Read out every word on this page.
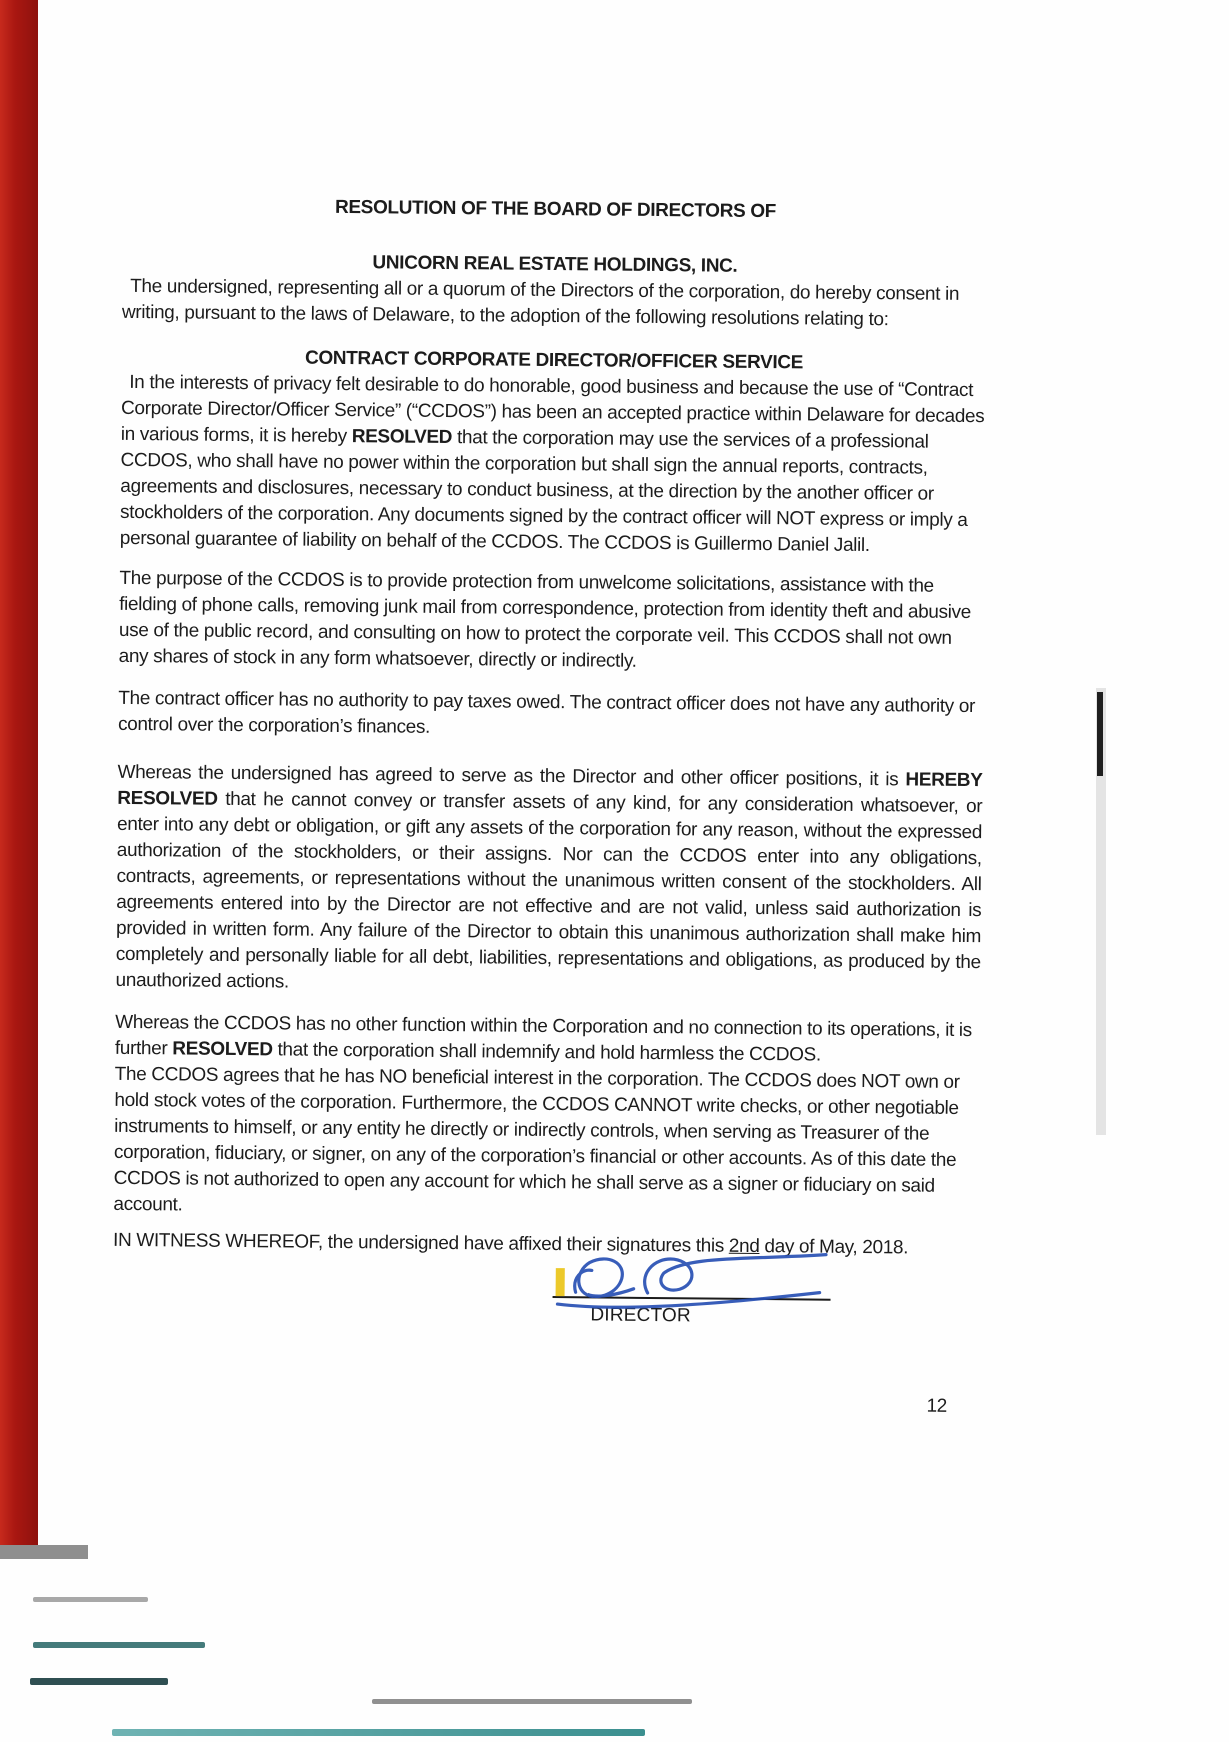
RESOLUTION OF THE BOARD OF DIRECTORS OF
UNICORN REAL ESTATE HOLDINGS, INC.

The undersigned, representing all or a quorum of the Directors of the corporation, do hereby consent in writing, pursuant to the laws of Delaware, to the adoption of the following resolutions relating to:

CONTRACT CORPORATE DIRECTOR/OFFICER SERVICE

In the interests of privacy felt desirable to do honorable, good business and because the use of “Contract Corporate Director/Officer Service” (“CCDOS”) has been an accepted practice within Delaware for decades in various forms, it is hereby RESOLVED that the corporation may use the services of a professional CCDOS, who shall have no power within the corporation but shall sign the annual reports, contracts, agreements and disclosures, necessary to conduct business, at the direction by the another officer or stockholders of the corporation. Any documents signed by the contract officer will NOT express or imply a personal guarantee of liability on behalf of the CCDOS. The CCDOS is Guillermo Daniel Jalil.

The purpose of the CCDOS is to provide protection from unwelcome solicitations, assistance with the fielding of phone calls, removing junk mail from correspondence, protection from identity theft and abusive use of the public record, and consulting on how to protect the corporate veil. This CCDOS shall not own any shares of stock in any form whatsoever, directly or indirectly.

The contract officer has no authority to pay taxes owed. The contract officer does not have any authority or control over the corporation’s finances.

Whereas the undersigned has agreed to serve as the Director and other officer positions, it is HEREBY RESOLVED that he cannot convey or transfer assets of any kind, for any consideration whatsoever, or enter into any debt or obligation, or gift any assets of the corporation for any reason, without the expressed authorization of the stockholders, or their assigns. Nor can the CCDOS enter into any obligations, contracts, agreements, or representations without the unanimous written consent of the stockholders. All agreements entered into by the Director are not effective and are not valid, unless said authorization is provided in written form. Any failure of the Director to obtain this unanimous authorization shall make him completely and personally liable for all debt, liabilities, representations and obligations, as produced by the unauthorized actions.

Whereas the CCDOS has no other function within the Corporation and no connection to its operations, it is further RESOLVED that the corporation shall indemnify and hold harmless the CCDOS.

The CCDOS agrees that he has NO beneficial interest in the corporation. The CCDOS does NOT own or hold stock votes of the corporation. Furthermore, the CCDOS CANNOT write checks, or other negotiable instruments to himself, or any entity he directly or indirectly controls, when serving as Treasurer of the corporation, fiduciary, or signer, on any of the corporation’s financial or other accounts. As of this date the CCDOS is not authorized to open any account for which he shall serve as a signer or fiduciary on said account.

IN WITNESS WHEREOF, the undersigned have affixed their signatures this 2nd day of May, 2018.

DIRECTOR
12
